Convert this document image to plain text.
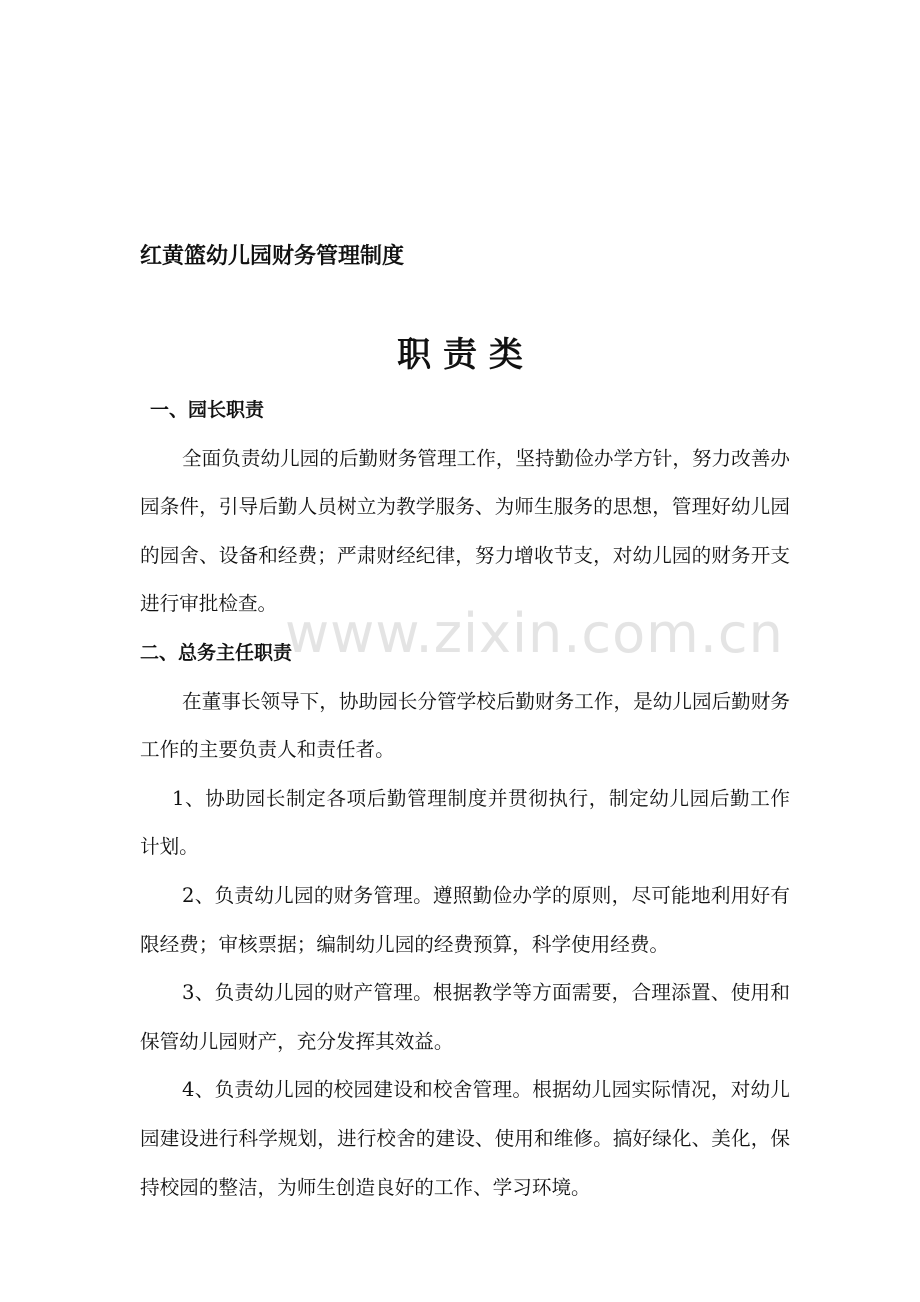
www.zixin.com.cn
红黄篮幼儿园财务管理制度
职 责 类

一、园长职责

全面负责幼儿园的后勤财务管理工作，坚持勤俭办学方针，努力改善办园条件，引导后勤人员树立为教学服务、为师生服务的思想，管理好幼儿园的园舍、设备和经费；严肃财经纪律，努力增收节支，对幼儿园的财务开支进行审批检查。

二、总务主任职责

在董事长领导下，协助园长分管学校后勤财务工作，是幼儿园后勤财务工作的主要负责人和责任者。

1、协助园长制定各项后勤管理制度并贯彻执行，制定幼儿园后勤工作计划。

2、负责幼儿园的财务管理。遵照勤俭办学的原则，尽可能地利用好有限经费；审核票据；编制幼儿园的经费预算，科学使用经费。

3、负责幼儿园的财产管理。根据教学等方面需要，合理添置、使用和保管幼儿园财产，充分发挥其效益。

4、负责幼儿园的校园建设和校舍管理。根据幼儿园实际情况，对幼儿园建设进行科学规划，进行校舍的建设、使用和维修。搞好绿化、美化，保持校园的整洁，为师生创造良好的工作、学习环境。
